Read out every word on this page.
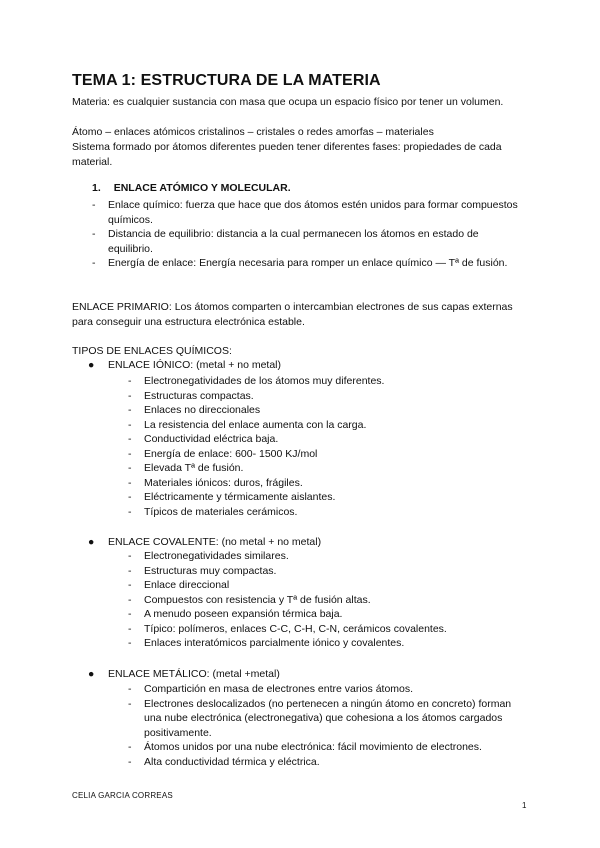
TEMA 1: ESTRUCTURA DE LA MATERIA
Materia: es cualquier sustancia con masa que ocupa un espacio físico por tener un volumen.
Átomo – enlaces atómicos cristalinos – cristales o redes amorfas – materiales
Sistema formado por átomos diferentes pueden tener diferentes fases: propiedades de cada material.
1. ENLACE ATÓMICO Y MOLECULAR.
- Enlace químico: fuerza que hace que dos átomos estén unidos para formar compuestos químicos.
- Distancia de equilibrio: distancia a la cual permanecen los átomos en estado de equilibrio.
- Energía de enlace: Energía necesaria para romper un enlace químico — Tª de fusión.
ENLACE PRIMARIO: Los átomos comparten o intercambian electrones de sus capas externas para conseguir una estructura electrónica estable.
TIPOS DE ENLACES QUÍMICOS:
● ENLACE IÓNICO: (metal + no metal)
- Electronegatividades de los átomos muy diferentes.
- Estructuras compactas.
- Enlaces no direccionales
- La resistencia del enlace aumenta con la carga.
- Conductividad eléctrica baja.
- Energía de enlace: 600- 1500 KJ/mol
- Elevada Tª de fusión.
- Materiales iónicos: duros, frágiles.
- Eléctricamente y térmicamente aislantes.
- Típicos de materiales cerámicos.
● ENLACE COVALENTE: (no metal + no metal)
- Electronegatividades similares.
- Estructuras muy compactas.
- Enlace direccional
- Compuestos con resistencia y Tª de fusión altas.
- A menudo poseen expansión térmica baja.
- Típico: polímeros, enlaces C-C, C-H, C-N, cerámicos covalentes.
- Enlaces interatómicos parcialmente iónico y covalentes.
● ENLACE METÁLICO: (metal +metal)
- Compartición en masa de electrones entre varios átomos.
- Electrones deslocalizados (no pertenecen a ningún átomo en concreto) forman una nube electrónica (electronegativa) que cohesiona a los átomos cargados positivamente.
- Átomos unidos por una nube electrónica: fácil movimiento de electrones.
- Alta conductividad térmica y eléctrica.
CELIA GARCIA CORREAS
1
